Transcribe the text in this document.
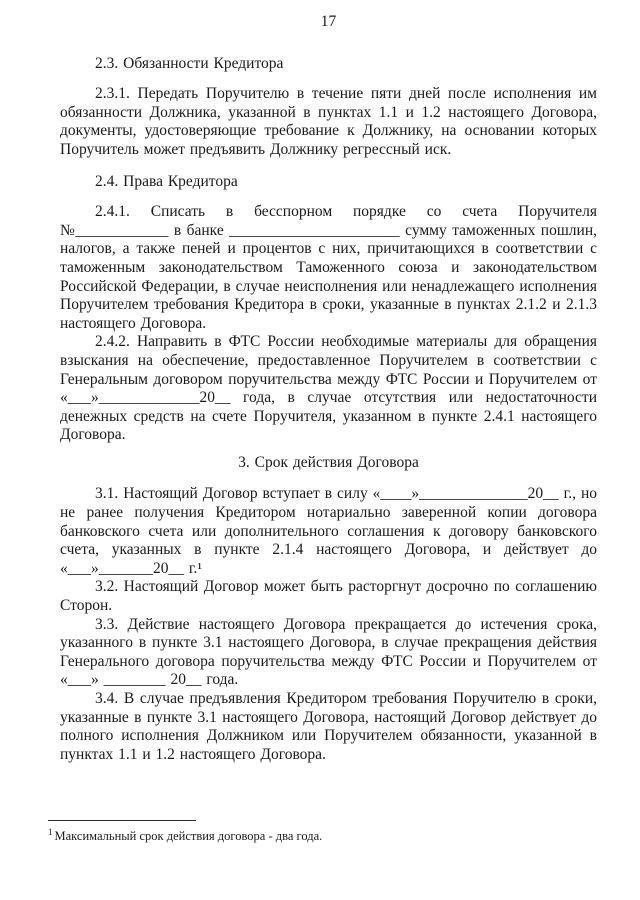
17

2.3. Обязанности Кредитора

2.3.1. Передать Поручителю в течение пяти дней после исполнения им обязанности Должника, указанной в пунктах 1.1 и 1.2 настоящего Договора, документы, удостоверяющие требование к Должнику, на основании которых Поручитель может предъявить Должнику регрессный иск.

2.4. Права Кредитора

2.4.1. Списать в бесспорном порядке со счета Поручителя №____________ в банке ______________________ сумму таможенных пошлин, налогов, а также пеней и процентов с них, причитающихся в соответствии с таможенным законодательством Таможенного союза и законодательством Российской Федерации, в случае неисполнения или ненадлежащего исполнения Поручителем требования Кредитора в сроки, указанные в пунктах 2.1.2 и 2.1.3 настоящего Договора.

2.4.2. Направить в ФТС России необходимые материалы для обращения взыскания на обеспечение, предоставленное Поручителем в соответствии с Генеральным договором поручительства между ФТС России и Поручителем от «___»_____________20__ года, в случае отсутствия или недостаточности денежных средств на счете Поручителя, указанном в пункте 2.4.1 настоящего Договора.

3. Срок действия Договора

3.1. Настоящий Договор вступает в силу «____»______________20__ г., но не ранее получения Кредитором нотариально заверенной копии договора банковского счета или дополнительного соглашения к договору банковского счета, указанных в пункте 2.1.4 настоящего Договора, и действует до «___»_______20__ г.¹

3.2. Настоящий Договор может быть расторгнут досрочно по соглашению Сторон.

3.3. Действие настоящего Договора прекращается до истечения срока, указанного в пункте 3.1 настоящего Договора, в случае прекращения действия Генерального договора поручительства между ФТС России и Поручителем от «___» ________ 20__ года.

3.4. В случае предъявления Кредитором требования Поручителю в сроки, указанные в пункте 3.1 настоящего Договора, настоящий Договор действует до полного исполнения Должником или Поручителем обязанности, указанной в пунктах 1.1 и 1.2 настоящего Договора.

$^1$ Максимальный срок действия договора - два года.
